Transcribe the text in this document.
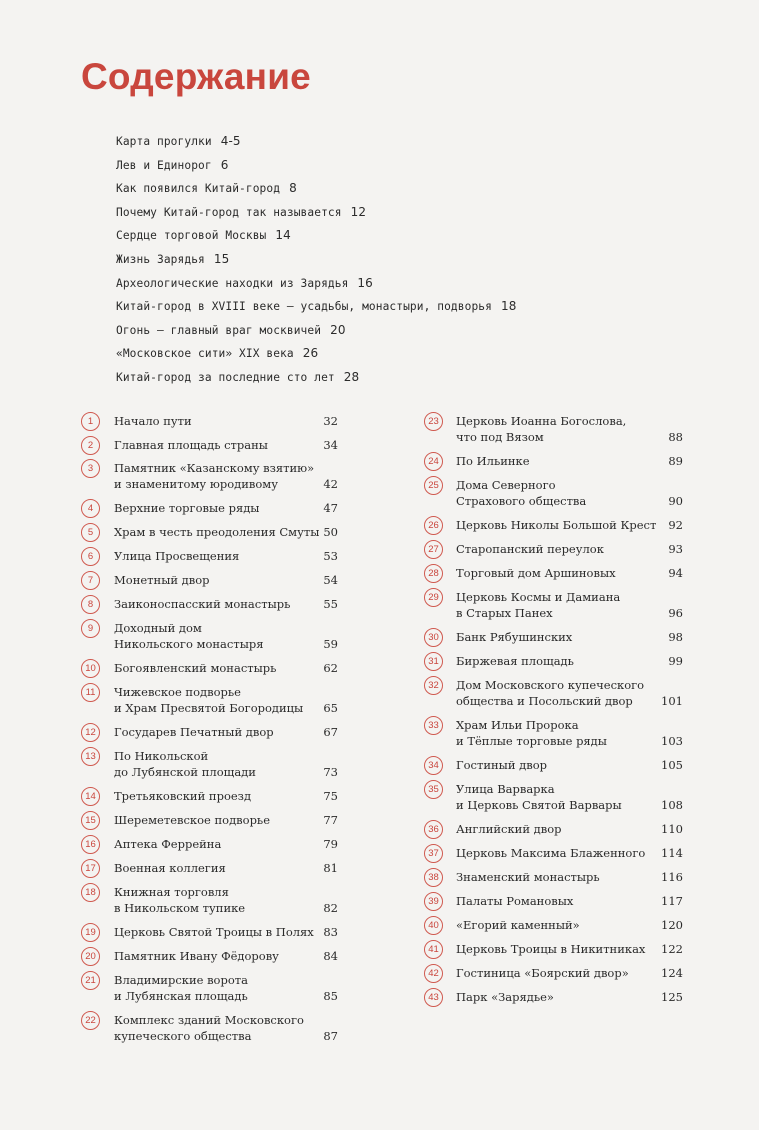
Содержание
Карта прогулки 4-5
Лев и Единорог 6
Как появился Китай-город 8
Почему Китай-город так называется 12
Сердце торговой Москвы 14
Жизнь Зарядья 15
Археологические находки из Зарядья 16
Китай-город в XVIII веке — усадьбы, монастыри, подворья 18
Огонь — главный враг москвичей 20
«Московское сити» XIX века 26
Китай-город за последние сто лет 28
1	Начало пути	32
2	Главная площадь страны	34
3	Памятник «Казанскому взятию»
и знаменитому юродивому	42
4	Верхние торговые ряды	47
5	Храм в честь преодоления Смуты 50
6	Улица Просвещения	53
7	Монетный двор	54
8	Заиконоспасский монастырь	55
9	Доходный дом
Никольского монастыря	59
10	Богоявленский монастырь	62
11	Чижевское подворье
и Храм Пресвятой Богородицы	65
12	Государев Печатный двор	67
13	По Никольской
до Лубянской площади	73
14	Третьяковский проезд	75
15	Шереметевское подворье	77
16	Аптека Феррейна	79
17	Военная коллегия	81
18	Книжная торговля
в Никольском тупике	82
19	Церковь Святой Троицы в Полях 83
20	Памятник Ивану Фёдорову	84
21	Владимирские ворота
и Лубянская площадь	85
22	Комплекс зданий Московского
купеческого общества	87
23	Церковь Иоанна Богослова,
что под Вязом	88
24	По Ильинке	89
25	Дома Северного
Страхового общества	90
26	Церковь Николы Большой Крест	92
27	Старопанский переулок	93
28	Торговый дом Аршиновых	94
29	Церковь Космы и Дамиана
в Старых Панех	96
30	Банк Рябушинских	98
31	Биржевая площадь	99
32	Дом Московского купеческого
общества и Посольский двор	101
33	Храм Ильи Пророка
и Тёплые торговые ряды	103
34	Гостиный двор	105
35	Улица Варварка
и Церковь Святой Варвары	108
36	Английский двор	110
37	Церковь Максима Блаженного	114
38	Знаменский монастырь	116
39	Палаты Романовых	117
40	«Егорий каменный»	120
41	Церковь Троицы в Никитниках	122
42	Гостиница «Боярский двор»	124
43	Парк «Зарядье»	125
